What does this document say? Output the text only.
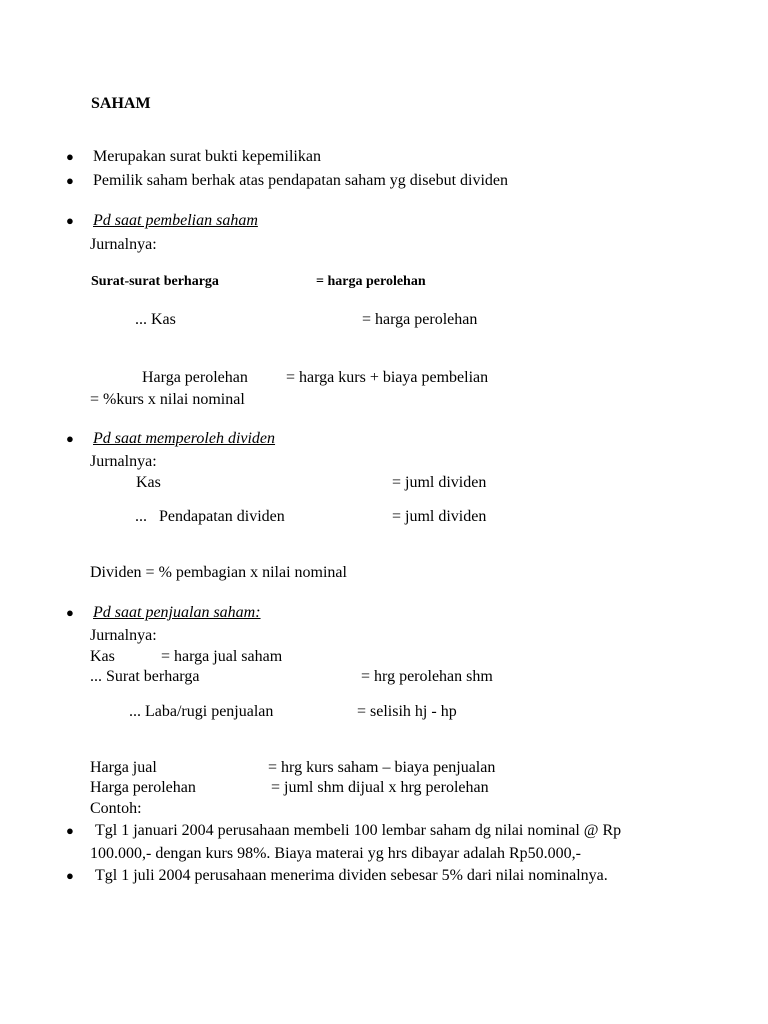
SAHAM
● Merupakan surat bukti kepemilikan
● Pemilik saham berhak atas pendapatan saham yg disebut dividen
● Pd saat pembelian saham
Jurnalnya:
Surat-surat berharga	= harga perolehan
... Kas	= harga perolehan
Harga perolehan = harga kurs + biaya pembelian
= %kurs x nilai nominal
● Pd saat memperoleh dividen
Jurnalnya:
Kas	= juml dividen
...   Pendapatan dividen	= juml dividen
Dividen = % pembagian x nilai nominal
● Pd saat penjualan saham:
Jurnalnya:
Kas	= harga jual saham
... Surat berharga	= hrg perolehan shm
... Laba/rugi penjualan	= selisih hj - hp
Harga jual	= hrg kurs saham – biaya penjualan
Harga perolehan	= juml shm dijual x hrg perolehan
Contoh:
● Tgl 1 januari 2004 perusahaan membeli 100 lembar saham dg nilai nominal @ Rp
100.000,- dengan kurs 98%. Biaya materai yg hrs dibayar adalah Rp50.000,-
● Tgl 1 juli 2004 perusahaan menerima dividen sebesar 5% dari nilai nominalnya.
